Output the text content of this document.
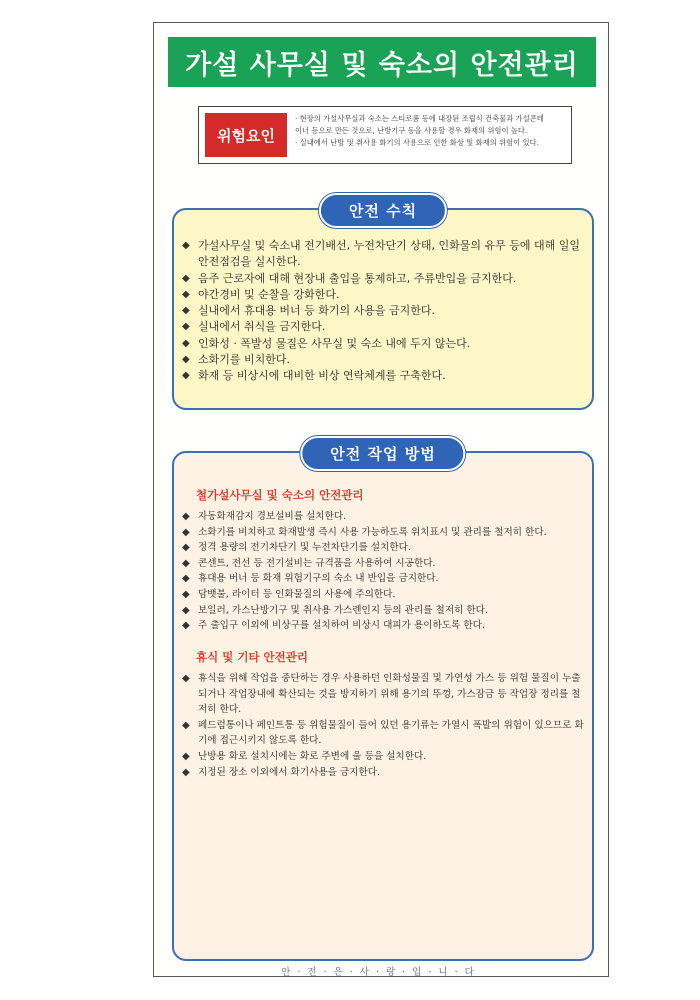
가설 사무실 및 숙소의 안전관리
위험요인
· 현장의 가설사무실과 숙소는 스티로폼 등에 내장된 조립식 건축물과 가설콘테
이너 등으로 만든 것으로, 난방기구 등을 사용할 경우 화재의 위험이 높다.
· 실내에서 난방 및 취사용 화기의 사용으로 인한 화상 및 화재의 위험이 있다.
안전 수칙
◆ 가설사무실 및 숙소내 전기배선, 누전차단기 상태, 인화물의 유무 등에 대해 일일 안전점검을 실시한다.
◆ 음주 근로자에 대해 현장내 출입을 통제하고, 주류반입을 금지한다.
◆ 야간경비 및 순찰을 강화한다.
◆ 실내에서 휴대용 버너 등 화기의 사용을 금지한다.
◆ 실내에서 취식을 금지한다.
◆ 인화성 · 폭발성 물질은 사무실 및 숙소 내에 두지 않는다.
◆ 소화기를 비치한다.
◆ 화재 등 비상시에 대비한 비상 연락체계를 구축한다.
안전 작업 방법
철가설사무실 및 숙소의 안전관리
◆ 자동화재감지 경보설비를 설치한다.
◆ 소화기를 비치하고 화재발생 즉시 사용 가능하도록 위치표시 및 관리를 철저히 한다.
◆ 정격 용량의 전기차단기 및 누전차단기를 설치한다.
◆ 콘센트, 전선 등 전기설비는 규격품을 사용하여 시공한다.
◆ 휴대용 버너 등 화재 위험기구의 숙소 내 반입을 금지한다.
◆ 담뱃불, 라이터 등 인화물질의 사용에 주의한다.
◆ 보일러, 가스난방기구 및 취사용 가스렌인지 등의 관리를 철저히 한다.
◆ 주 출입구 이외에 비상구를 설치하여 비상시 대피가 용이하도록 한다.
휴식 및 기타 안전관리
◆ 휴식을 위해 작업을 중단하는 경우 사용하던 인화성물질 및 가연성 가스 등 위험 물질이 누출되거나 작업장내에 확산되는 것을 방지하기 위해 용기의 뚜껑, 가스잠금 등 작업장 정리를 철저히 한다.
◆ 페드럼통이나 페인트통 등 위험물질이 들어 있던 용기류는 가열시 폭발의 위험이 있으므로 화기에 접근시키지 않도록 한다.
◆ 난방용 화로 설치시에는 화로 주변에 울 등을 설치한다.
◆ 지정된 장소 이외에서 화기사용을 금지한다.
안·전·은·사·랑·입·니·다
